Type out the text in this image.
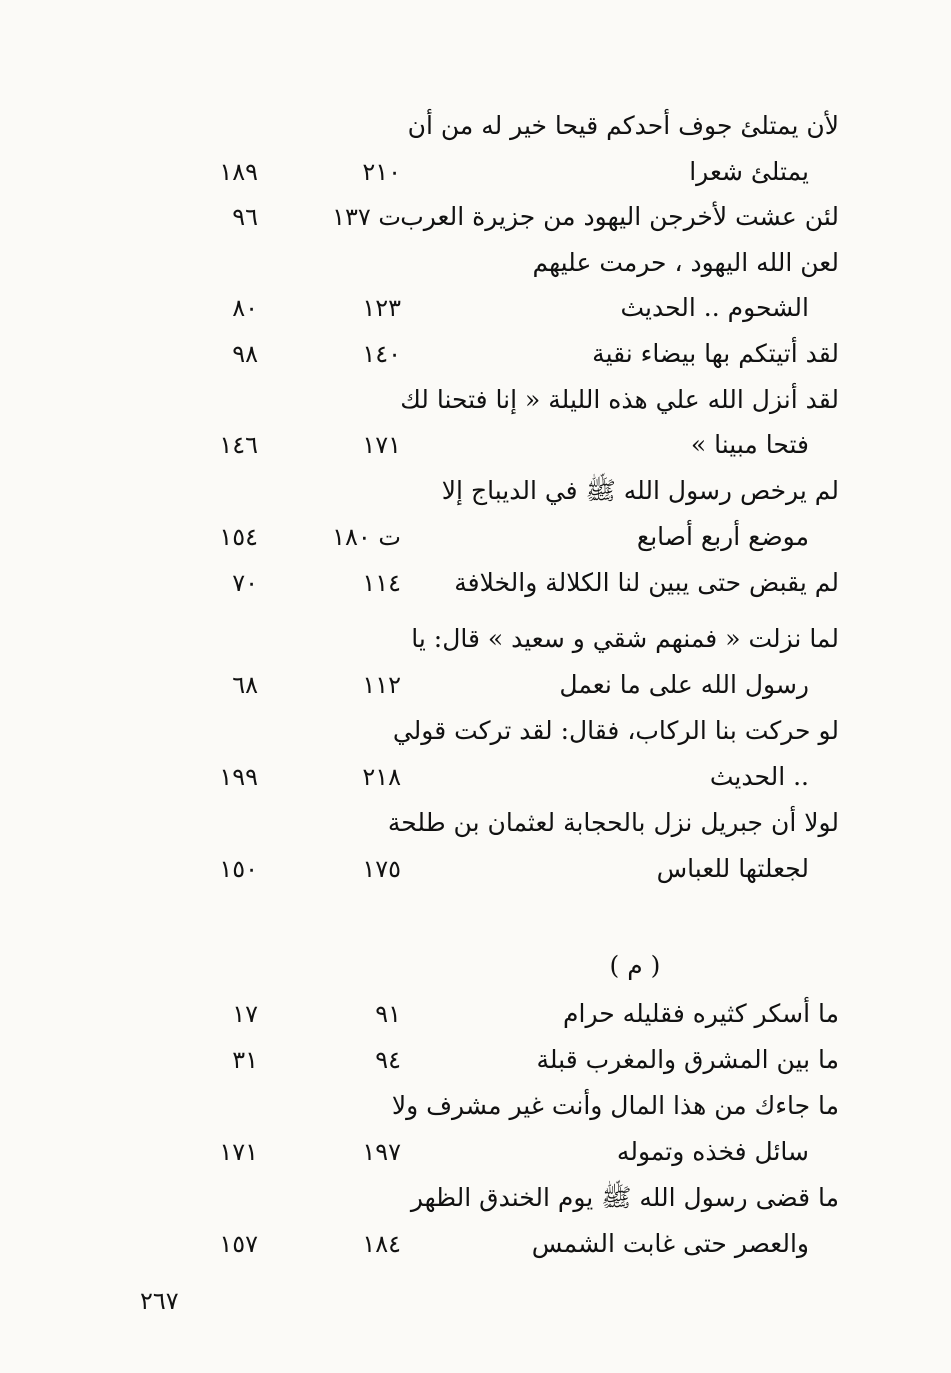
لأن يمتلئ جوف أحدكم قيحا خير له من أن
يمتلئ شعرا
٢١٠
١٨٩
لئن عشت لأخرجن اليهود من جزيرة العرب
ت ١٣٧
٩٦
لعن الله اليهود ، حرمت عليهم
الشحوم .. الحديث
١٢٣
٨٠
لقد أتيتكم بها بيضاء نقية
١٤٠
٩٨
لقد أنزل الله علي هذه الليلة « إنا فتحنا لك
فتحا مبينا »
١٧١
١٤٦
لم يرخص رسول الله ﷺ في الديباج إلا
موضع أربع أصابع
ت ١٨٠
١٥٤
لم يقبض حتى يبين لنا الكلالة والخلافة
١١٤
٧٠
لما نزلت « فمنهم شقي و سعيد » قال: يا
رسول الله على ما نعمل
١١٢
٦٨
لو حركت بنا الركاب، فقال: لقد تركت قولي
.. الحديث
٢١٨
١٩٩
لولا أن جبريل نزل بالحجابة لعثمان بن طلحة
لجعلتها للعباس
١٧٥
١٥٠
( م )
ما أسكر كثيره فقليله حرام
٩١
١٧
ما بين المشرق والمغرب قبلة
٩٤
٣١
ما جاءك من هذا المال وأنت غير مشرف ولا
سائل فخذه وتموله
١٩٧
١٧١
ما قضى رسول الله ﷺ يوم الخندق الظهر
والعصر حتى غابت الشمس
١٨٤
١٥٧
٢٦٧
